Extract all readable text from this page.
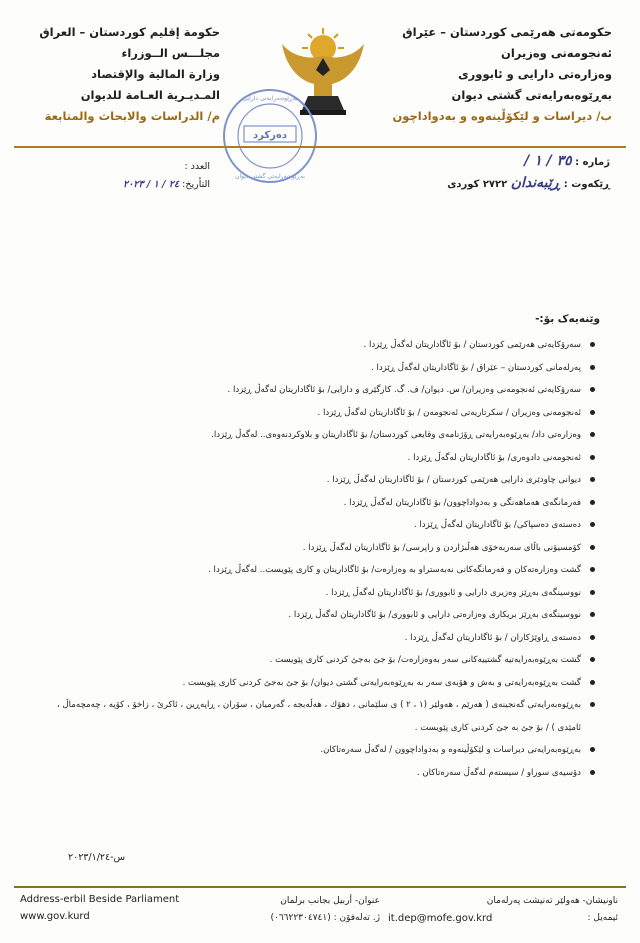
حكومەتی هەرێمی كوردستان – عێراق
ئەنجومەنی وەزیران
وەزارەتی دارایی و ئابووری
بەڕێوەبەرایەتی گشتی دیوان
ب/ دیراسات و لێكۆڵینەوە و بەدواداچون
حكومة إقليم كوردستان – العراق
مجلـــس الــوزراء
وزارة المالية والإقتصاد
المـديـرية العـامة للديوان
م/ الدراسات والابحاث والمتابعة
دەرکرد
بەڕێوەبەرایەتی دارایی
بەڕێوەبەرایەتی گشتی دیوان
ژمارە : ٣٥ / ١ /
ڕێكەوت : ڕێبەندان ٢٧٢٢ كوردی
العدد :
التأريخ: ٢٤ / ١ / ٢٠٢٣
وێنەیەک بۆ:-
سەرۆكایەتی هەرێمی كوردستان / بۆ ئاگاداریتان لەگەڵ ڕێزدا .
پەرلەمانی كوردستان – عێراق / بۆ ئاگاداریتان لەگەڵ ڕێزدا .
سەرۆكایەتی ئەنجومەنی وەزیران/ س. دیوان/ ف. گ. كارگێری و دارایی/ بۆ ئاگاداریتان لەگەڵ ڕێزدا .
ئەنجومەنی وەزیران / سكرتاریەتی ئەنجومەن / بۆ ئاگاداریتان لەگەڵ ڕێزدا .
وەزارەتی داد/ بەڕێوەبەرایەتی ڕۆژنامەی وقایعی كوردستان/ بۆ ئاگاداریتان و بلاوكردنەوەی.. لەگەڵ ڕێزدا.
ئەنجومەنی دادوەری/ بۆ ئاگاداریتان لەگەڵ ڕێزدا .
دیوانی چاودێری دارایی هەرێمی كوردستان / بۆ ئاگاداریتان لەگەڵ ڕێزدا .
فەرمانگەی هەماهەنگی و بەدواداچوون/ بۆ ئاگاداریتان لەگەڵ ڕێزدا .
دەستەی دەسپاكی/ بۆ ئاگاداریتان لەگەڵ ڕێزدا .
كۆمسیۆنی باڵای سەربەخۆی هەڵبژاردن و راپرسی/ بۆ ئاگاداریتان لەگەڵ ڕێزدا .
گشت وەزارەتەكان و فەرمانگەكانی نەبەستراو بە وەزارەت/ بۆ ئاگاداریتان و كاری پێویست.. لەگەڵ ڕێزدا .
نووسینگەی بەڕێز وەزیری دارایی و ئابووری/ بۆ ئاگاداریتان لەگەڵ ڕێزدا .
نووسینگەی بەڕێز بریكاری وەزارەتی دارایی و ئابووری/ بۆ ئاگاداریتان لەگەڵ ڕێزدا .
دەستەی ڕاوێژكاران / بۆ ئاگاداریتان لەگەڵ ڕێزدا .
گشت بەڕێوەبەرایەتیە گشتییەكانی سەر بەوەزارەت/ بۆ جێ بەجێ كردنی كاری پێویست .
گشت بەڕێوەبەرایەتی و بەش و هۆبەی سەر بە بەڕێوەبەرایەتی گشتی دیوان/ بۆ جێ بەجێ كردنی كاری پێویست .
بەڕێوەبەرایەتی گەنجینەی ( هەرێم ، هەولێر (١ ، ٢ ) ی سلێمانی ، دهۆك ، هەڵەبجە ، گەرمیان ، سۆران ، ڕاپەڕین ، ئاكرێ ، زاخۆ ، كۆیە ، چەمچەماڵ ، ئامێدی ) / بۆ جێ بە جێ كردنی كاری پێویست .
بەڕێوەبەرایەتی دیراسات و لێكۆڵینەوە و بەدواداچوون / لەگەڵ سەرەتاكان.
دۆسیەی سوراو / سیستەم لەگەڵ سەرەتاكان .
س-٢٠٢٣/١/٢٤
Address-erbil Beside Parliament
www.gov.kurd
عنوان- أربيل بجانب برلمان
ژ. تەلەفۆن : (٠٦٦٢٢٣٠٤٧٤١)
ناونیشان- هەولێر تەنیشت پەرلەمان
ئیمەیل :
it.dep@mofe.gov.krd
